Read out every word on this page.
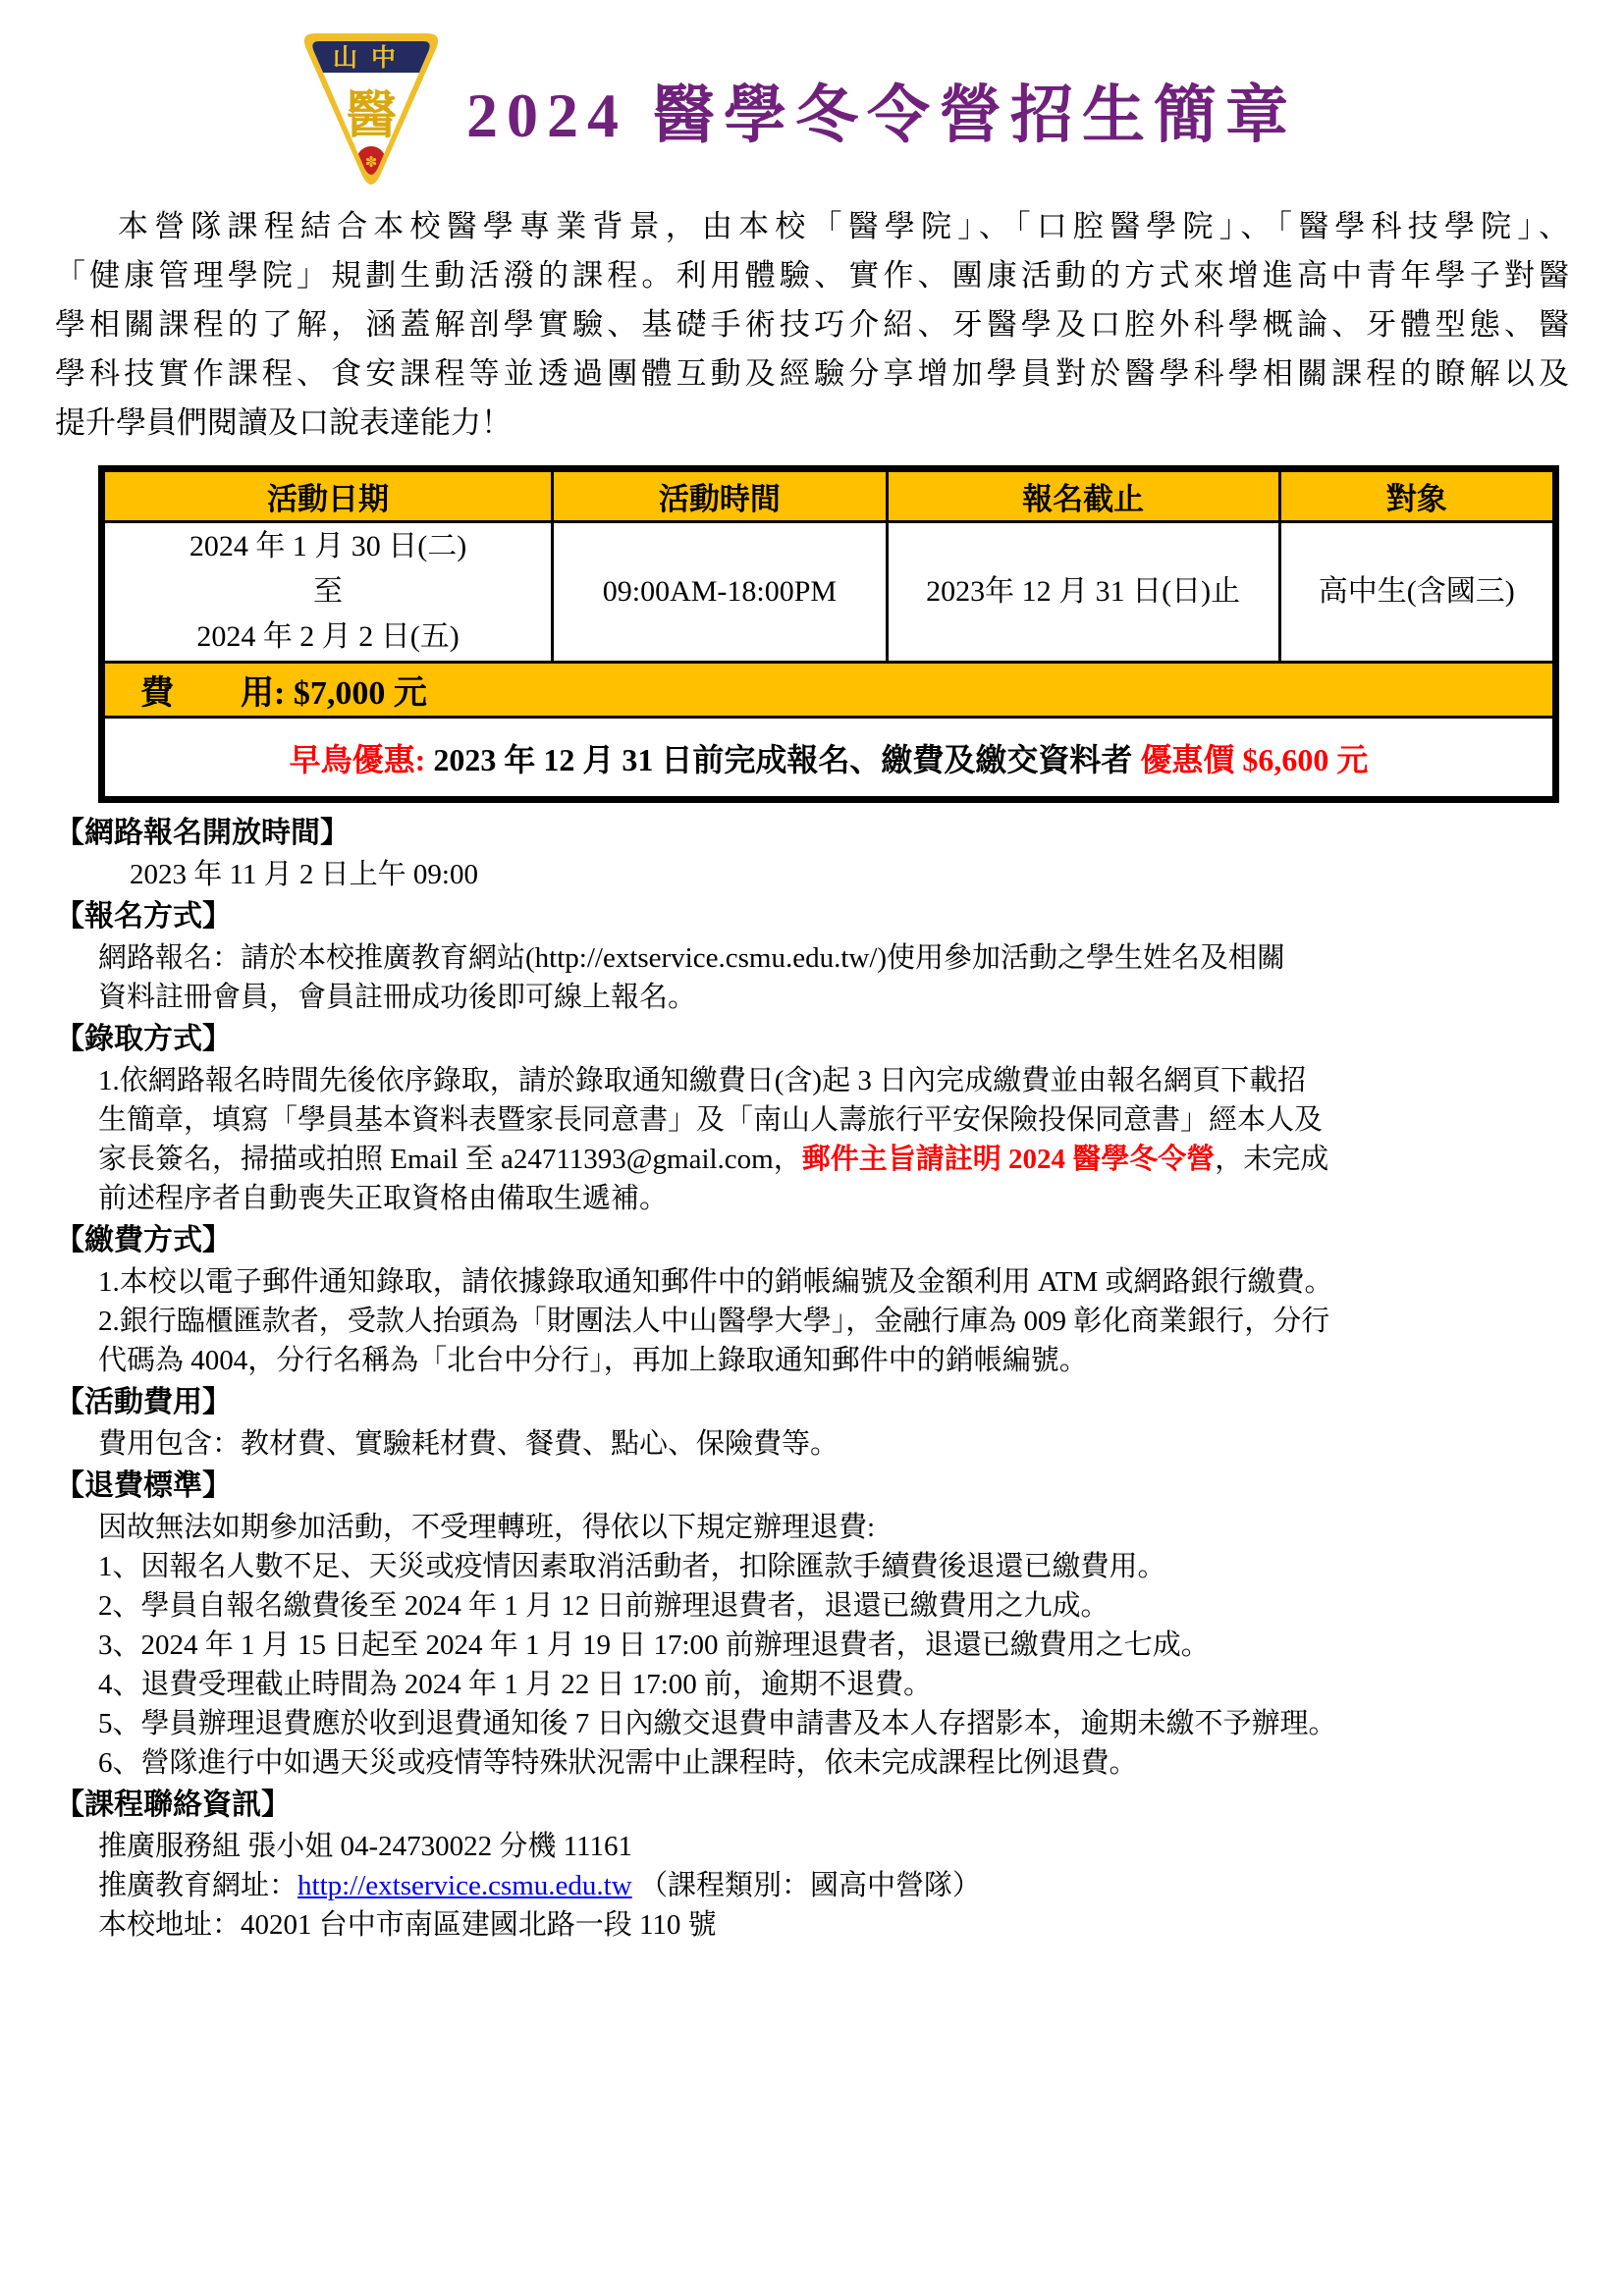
山中
醫
✽
2024 醫學冬令營招生簡章
本營隊課程結合本校醫學專業背景，由本校「醫學院」、「口腔醫學院」、「醫學科技學院」、
「健康管理學院」規劃生動活潑的課程。利用體驗、實作、團康活動的方式來增進高中青年學子對醫
學相關課程的了解，涵蓋解剖學實驗、基礎手術技巧介紹、牙醫學及口腔外科學概論、牙體型態、醫
學科技實作課程、食安課程等並透過團體互動及經驗分享增加學員對於醫學科學相關課程的瞭解以及
提升學員們閱讀及口說表達能力！
活動日期	活動時間	報名截止	對象

2024 年 1 月 30 日(二)
至
2024 年 2 月 2 日(五)	09:00AM-18:00PM	2023年 12 月 31 日(日)止	高中生(含國三)
費　　用: $7,000 元			
早鳥優惠: 2023 年 12 月 31 日前完成報名、繳費及繳交資料者 優惠價 $6,600 元			
【網路報名開放時間】
2023 年 11 月 2 日上午 09:00
【報名方式】
網路報名：請於本校推廣教育網站(http://extservice.csmu.edu.tw/)使用參加活動之學生姓名及相關
資料註冊會員，會員註冊成功後即可線上報名。
【錄取方式】
1.依網路報名時間先後依序錄取，請於錄取通知繳費日(含)起 3 日內完成繳費並由報名網頁下載招
生簡章，填寫「學員基本資料表暨家長同意書」及「南山人壽旅行平安保險投保同意書」經本人及
家長簽名，掃描或拍照 Email 至 a24711393@gmail.com，郵件主旨請註明 2024 醫學冬令營，未完成
前述程序者自動喪失正取資格由備取生遞補。
【繳費方式】
1.本校以電子郵件通知錄取，請依據錄取通知郵件中的銷帳編號及金額利用 ATM 或網路銀行繳費。
2.銀行臨櫃匯款者，受款人抬頭為「財團法人中山醫學大學」，金融行庫為 009 彰化商業銀行，分行
代碼為 4004，分行名稱為「北台中分行」，再加上錄取通知郵件中的銷帳編號。
【活動費用】
費用包含：教材費、實驗耗材費、餐費、點心、保險費等。
【退費標準】
因故無法如期參加活動，不受理轉班，得依以下規定辦理退費:
1、因報名人數不足、天災或疫情因素取消活動者，扣除匯款手續費後退還已繳費用。
2、學員自報名繳費後至 2024 年 1 月 12 日前辦理退費者，退還已繳費用之九成。
3、2024 年 1 月 15 日起至 2024 年 1 月 19 日 17:00 前辦理退費者，退還已繳費用之七成。
4、退費受理截止時間為 2024 年 1 月 22 日 17:00 前，逾期不退費。
5、學員辦理退費應於收到退費通知後 7 日內繳交退費申請書及本人存摺影本，逾期未繳不予辦理。
6、營隊進行中如遇天災或疫情等特殊狀況需中止課程時，依未完成課程比例退費。
【課程聯絡資訊】
推廣服務組 張小姐 04-24730022 分機 11161
推廣教育網址：http://extservice.csmu.edu.tw （課程類別：國高中營隊）
本校地址：40201 台中市南區建國北路一段 110 號
